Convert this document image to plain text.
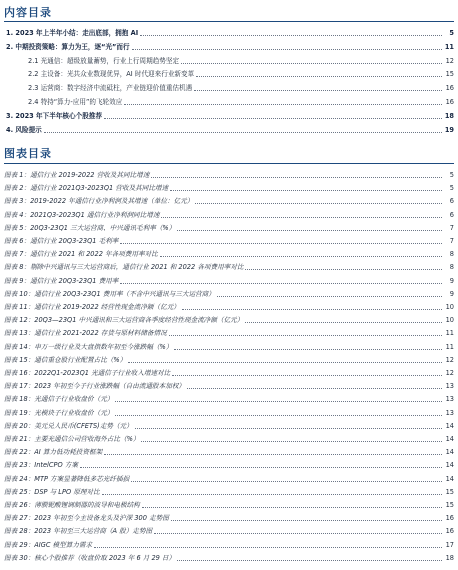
内容目录
1. 2023 年上半年小结：走出底部，拥抱 AI	5
2. 中期投资策略：算力为王，逐“光”而行	11
2.1 光通信：超级放量蓄势，行业上行周期趋势坚定	12
2.2 主设备：光共众业数现优异，AI 时代迎来行业新变革	15
2.3 运营商：数字经济中流砥柱，产业链迎价值重估机遇	16
2.4 特持“算力-应用”的飞轮效应	16
3. 2023 年下半年核心个股推荐	18
4. 风险提示	19
图表目录
图表 1：通信行业 2019-2022 营收及其同比增速	5
图表 2：通信行业 2021Q3-2023Q1 营收及其同比增速	5
图表 3：2019-2022 年通信行业净利润及其增速（单位：亿元）	6
图表 4：2021Q3-2023Q1 通信行业净利润同比增速	6
图表 5：20Q3-23Q1 三大运营商、中兴通讯毛利率（%）	7
图表 6：通信行业 20Q3-23Q1 毛利率	7
图表 7：通信行业 2021 和 2022 年各项费用率对比	8
图表 8：剔除中兴通讯与三大运营商后，通信行业 2021 和 2022 各项费用率对比	8
图表 9：通信行业 20Q3-23Q1 费用率	9
图表 10：通信行业 20Q3-23Q1 费用率（不含中兴通讯与三大运营商）	9
图表 11：通信行业 2019-2022 经营性现金流净额（亿元）	10
图表 12：20Q3—23Q1 中兴通讯和三大运营商各季度经营性现金流净额（亿元）	10
图表 13：通信行业 2021-2022 存货与原材料储备情况	11
图表 14：申万一级行业及大盘指数年初至今涨跌幅（%）	11
图表 15：通信重仓股行业配置占比（%）	12
图表 16：2022Q1-2023Q1 光通信子行业收入增速对比	12
图表 17：2023 年初至今子行业涨跌幅（自由流通股本加权）	13
图表 18：光通信子行业收盘价（元）	13
图表 19：光模块子行业收盘价（元）	13
图表 20：美元兑人民币(CFETS)走势（元）	14
图表 21：主要光通信公司营收海外占比（%）	14
图表 22：AI 算力低功耗投资框架	14
图表 23：IntelCPO 方案	14
图表 24：MTP 方案显著降低多芯光纤插损	14
图表 25：DSP 与 LPO 原理对比	15
图表 26：薄膜铌酸锂调制器的波导和电极结构	15
图表 27：2023 年初至今主设备龙头及沪深 300 走势图	16
图表 28：2023 年初至三大运营商（A 股）走势图	16
图表 29：AIGC 模型算力需求	17
图表 30：核心个股推荐（收盘价取 2023 年 6 月 29 日）	18
